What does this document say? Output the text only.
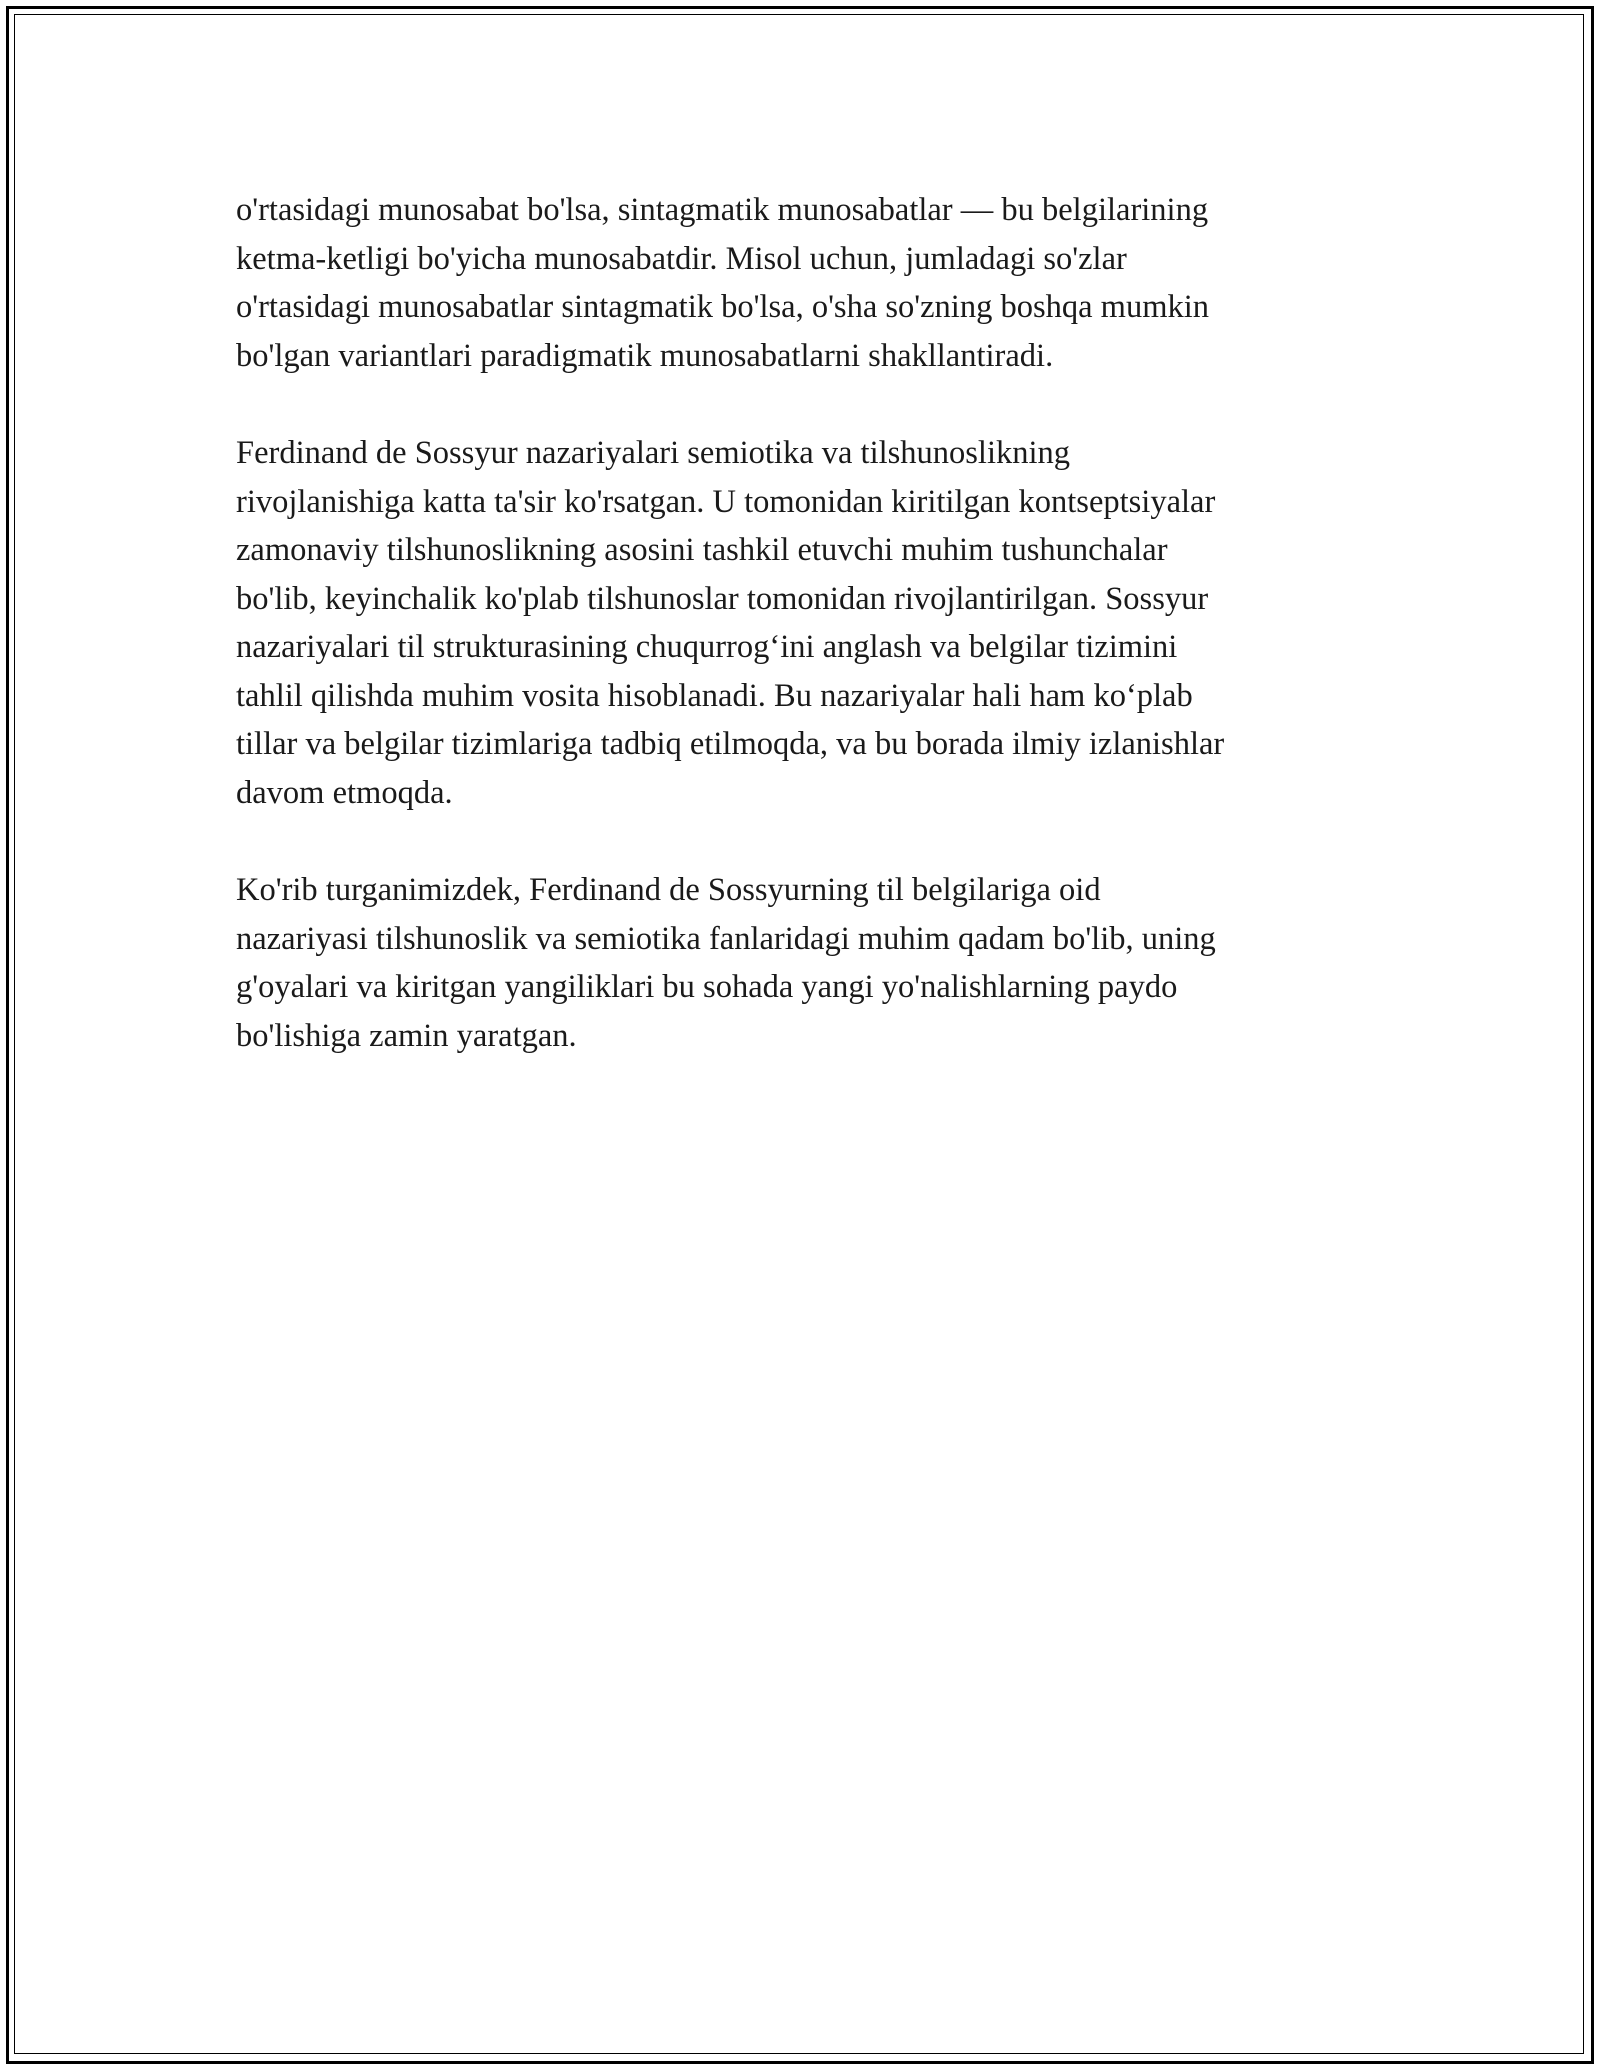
o'rtasidagi munosabat bo'lsa, sintagmatik munosabatlar — bu belgilarining
ketma-ketligi bo'yicha munosabatdir. Misol uchun, jumladagi so'zlar
o'rtasidagi munosabatlar sintagmatik bo'lsa, o'sha so'zning boshqa mumkin
bo'lgan variantlari paradigmatik munosabatlarni shakllantiradi.

Ferdinand de Sossyur nazariyalari semiotika va tilshunoslikning
rivojlanishiga katta ta'sir ko'rsatgan. U tomonidan kiritilgan kontseptsiyalar
zamonaviy tilshunoslikning asosini tashkil etuvchi muhim tushunchalar
bo'lib, keyinchalik ko'plab tilshunoslar tomonidan rivojlantirilgan. Sossyur
nazariyalari til strukturasining chuqurrog‘ini anglash va belgilar tizimini
tahlil qilishda muhim vosita hisoblanadi. Bu nazariyalar hali ham ko‘plab
tillar va belgilar tizimlariga tadbiq etilmoqda, va bu borada ilmiy izlanishlar
davom etmoqda.

Ko'rib turganimizdek, Ferdinand de Sossyurning til belgilariga oid
nazariyasi tilshunoslik va semiotika fanlaridagi muhim qadam bo'lib, uning
g'oyalari va kiritgan yangiliklari bu sohada yangi yo'nalishlarning paydo
bo'lishiga zamin yaratgan.
